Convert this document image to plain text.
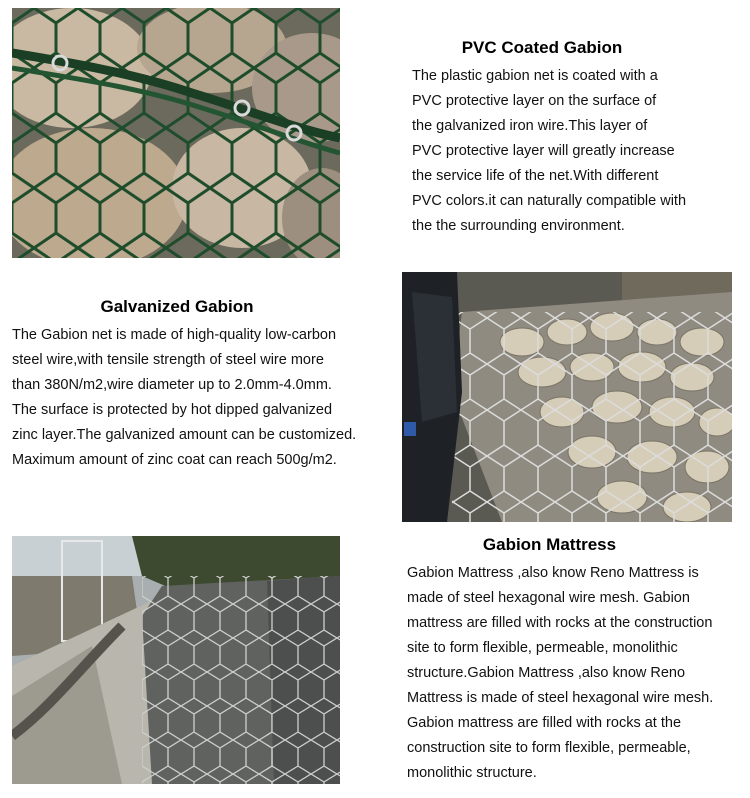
PVC Coated Gabion

The plastic gabion net is coated with a
PVC protective layer on the surface of
the galvanized iron wire.This layer of
PVC protective layer will greatly increase
the service life of the net.With different
PVC colors.it can naturally compatible with
the the surrounding environment.

Galvanized Gabion

The Gabion net is made of high-quality low-carbon
steel wire,with tensile strength of steel wire more
than 380N/m2,wire diameter up to 2.0mm-4.0mm.
The surface is protected by hot dipped galvanized
zinc layer.The galvanized amount can be customized.
Maximum amount of zinc coat can reach 500g/m2.

Gabion Mattress

Gabion Mattress ,also know Reno Mattress is
made of steel hexagonal wire mesh. Gabion
mattress are filled with rocks at the construction
site to form flexible, permeable, monolithic
structure.Gabion Mattress ,also know Reno
Mattress is made of steel hexagonal wire mesh.
Gabion mattress are filled with rocks at the
construction site to form flexible, permeable,
monolithic structure.
